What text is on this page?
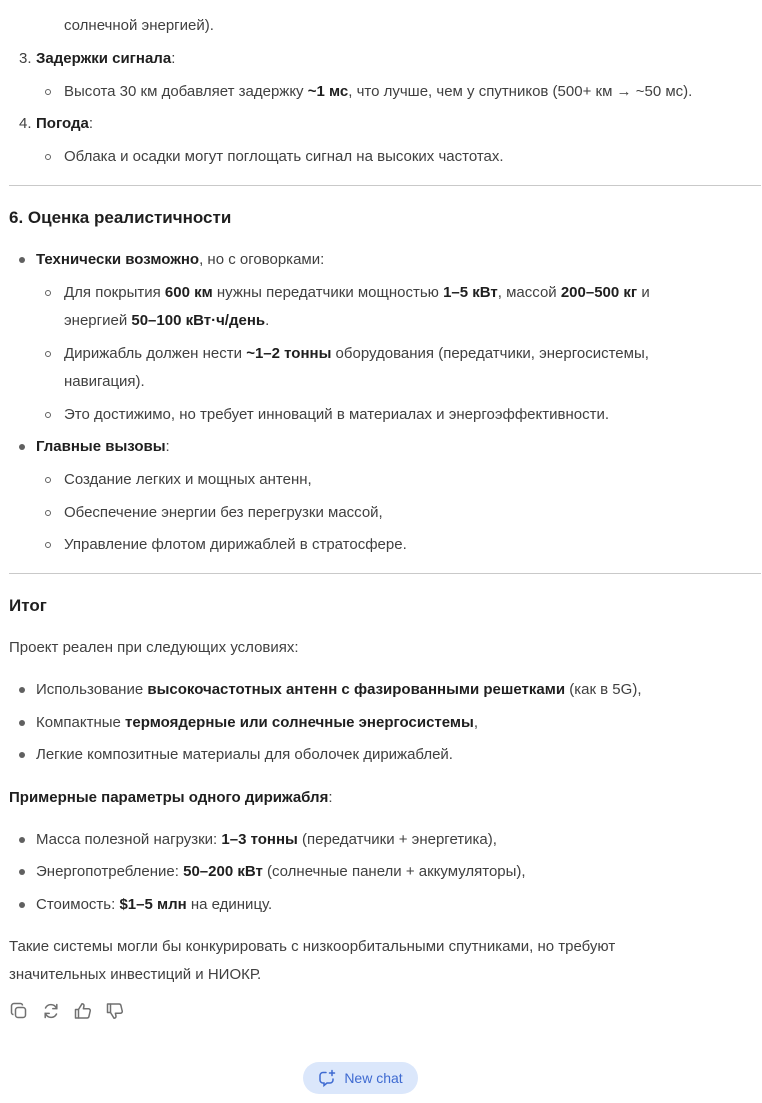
солнечной энергией).
3. Задержки сигнала:
Высота 30 км добавляет задержку ~1 мс, что лучше, чем у спутников (500+ км → ~50 мс).
4. Погода:
Облака и осадки могут поглощать сигнал на высоких частотах.
6. Оценка реалистичности
Технически возможно, но с оговорками:
Для покрытия 600 км нужны передатчики мощностью 1–5 кВт, массой 200–500 кг и
энергией 50–100 кВт·ч/день.
Дирижабль должен нести ~1–2 тонны оборудования (передатчики, энергосистемы,
навигация).
Это достижимо, но требует инноваций в материалах и энергоэффективности.
Главные вызовы:
Создание легких и мощных антенн,
Обеспечение энергии без перегрузки массой,
Управление флотом дирижаблей в стратосфере.
Итог
Проект реален при следующих условиях:
Использование высокочастотных антенн с фазированными решетками (как в 5G),
Компактные термоядерные или солнечные энергосистемы,
Легкие композитные материалы для оболочек дирижаблей.
Примерные параметры одного дирижабля:
Масса полезной нагрузки: 1–3 тонны (передатчики + энергетика),
Энергопотребление: 50–200 кВт (солнечные панели + аккумуляторы),
Стоимость: $1–5 млн на единицу.
Такие системы могли бы конкурировать с низкоорбитальными спутниками, но требуют
значительных инвестиций и НИОКР.
New chat
